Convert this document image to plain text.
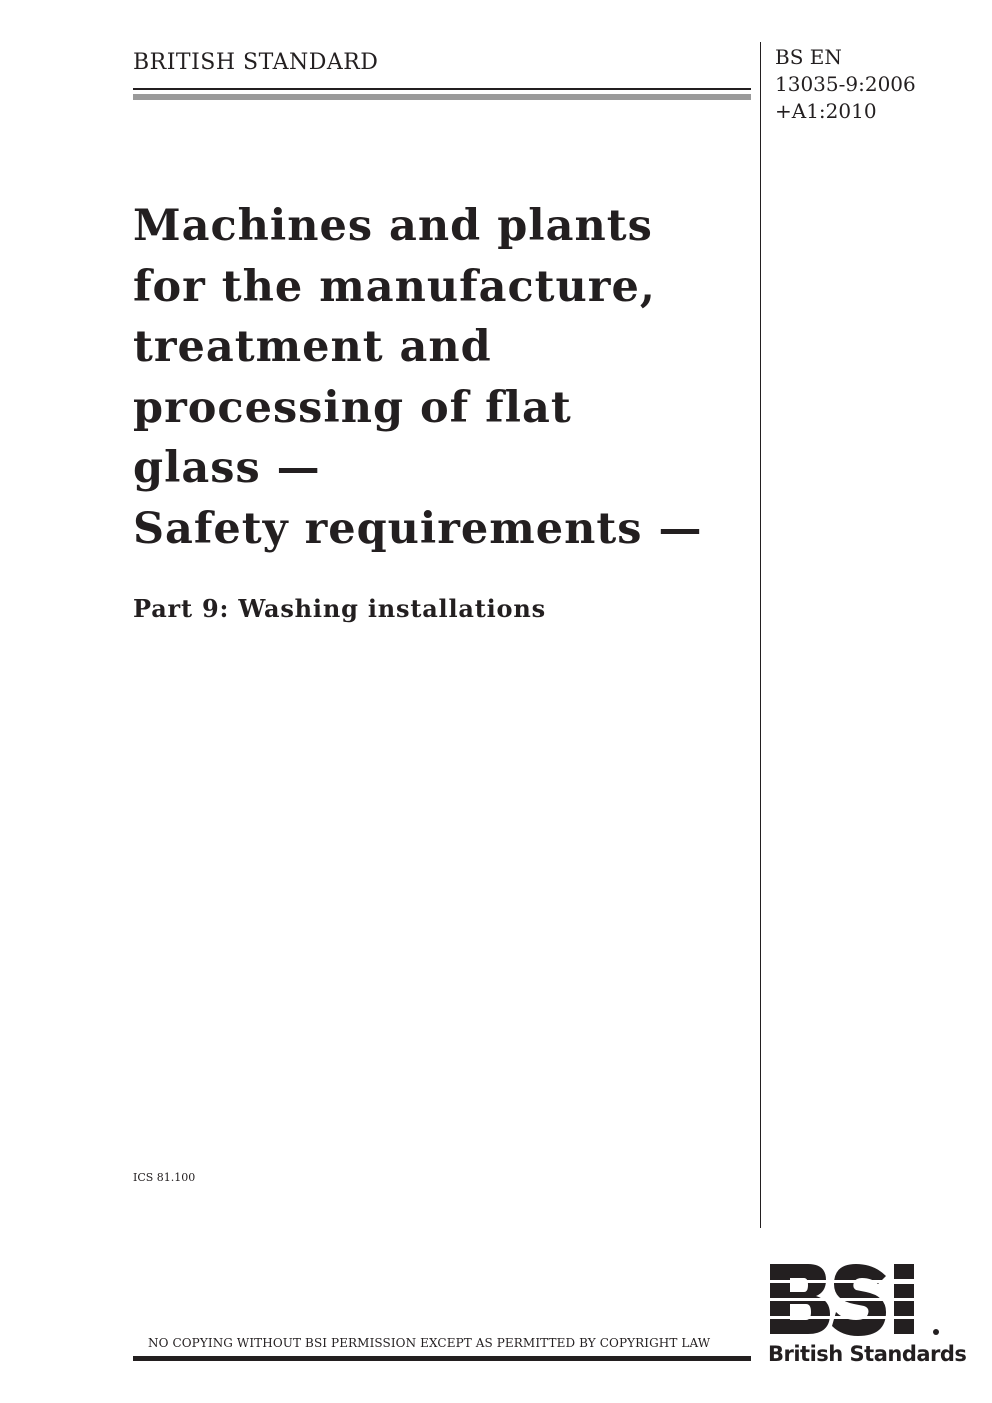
BRITISH STANDARD	BS EN
13035-9:2006
+A1:2010
Machines and plants
for the manufacture,
treatment and
processing of flat
glass —
Safety requirements —
Part 9: Washing installations
ICS 81.100
NO COPYING WITHOUT BSI PERMISSION EXCEPT AS PERMITTED BY COPYRIGHT LAW	British Standards
